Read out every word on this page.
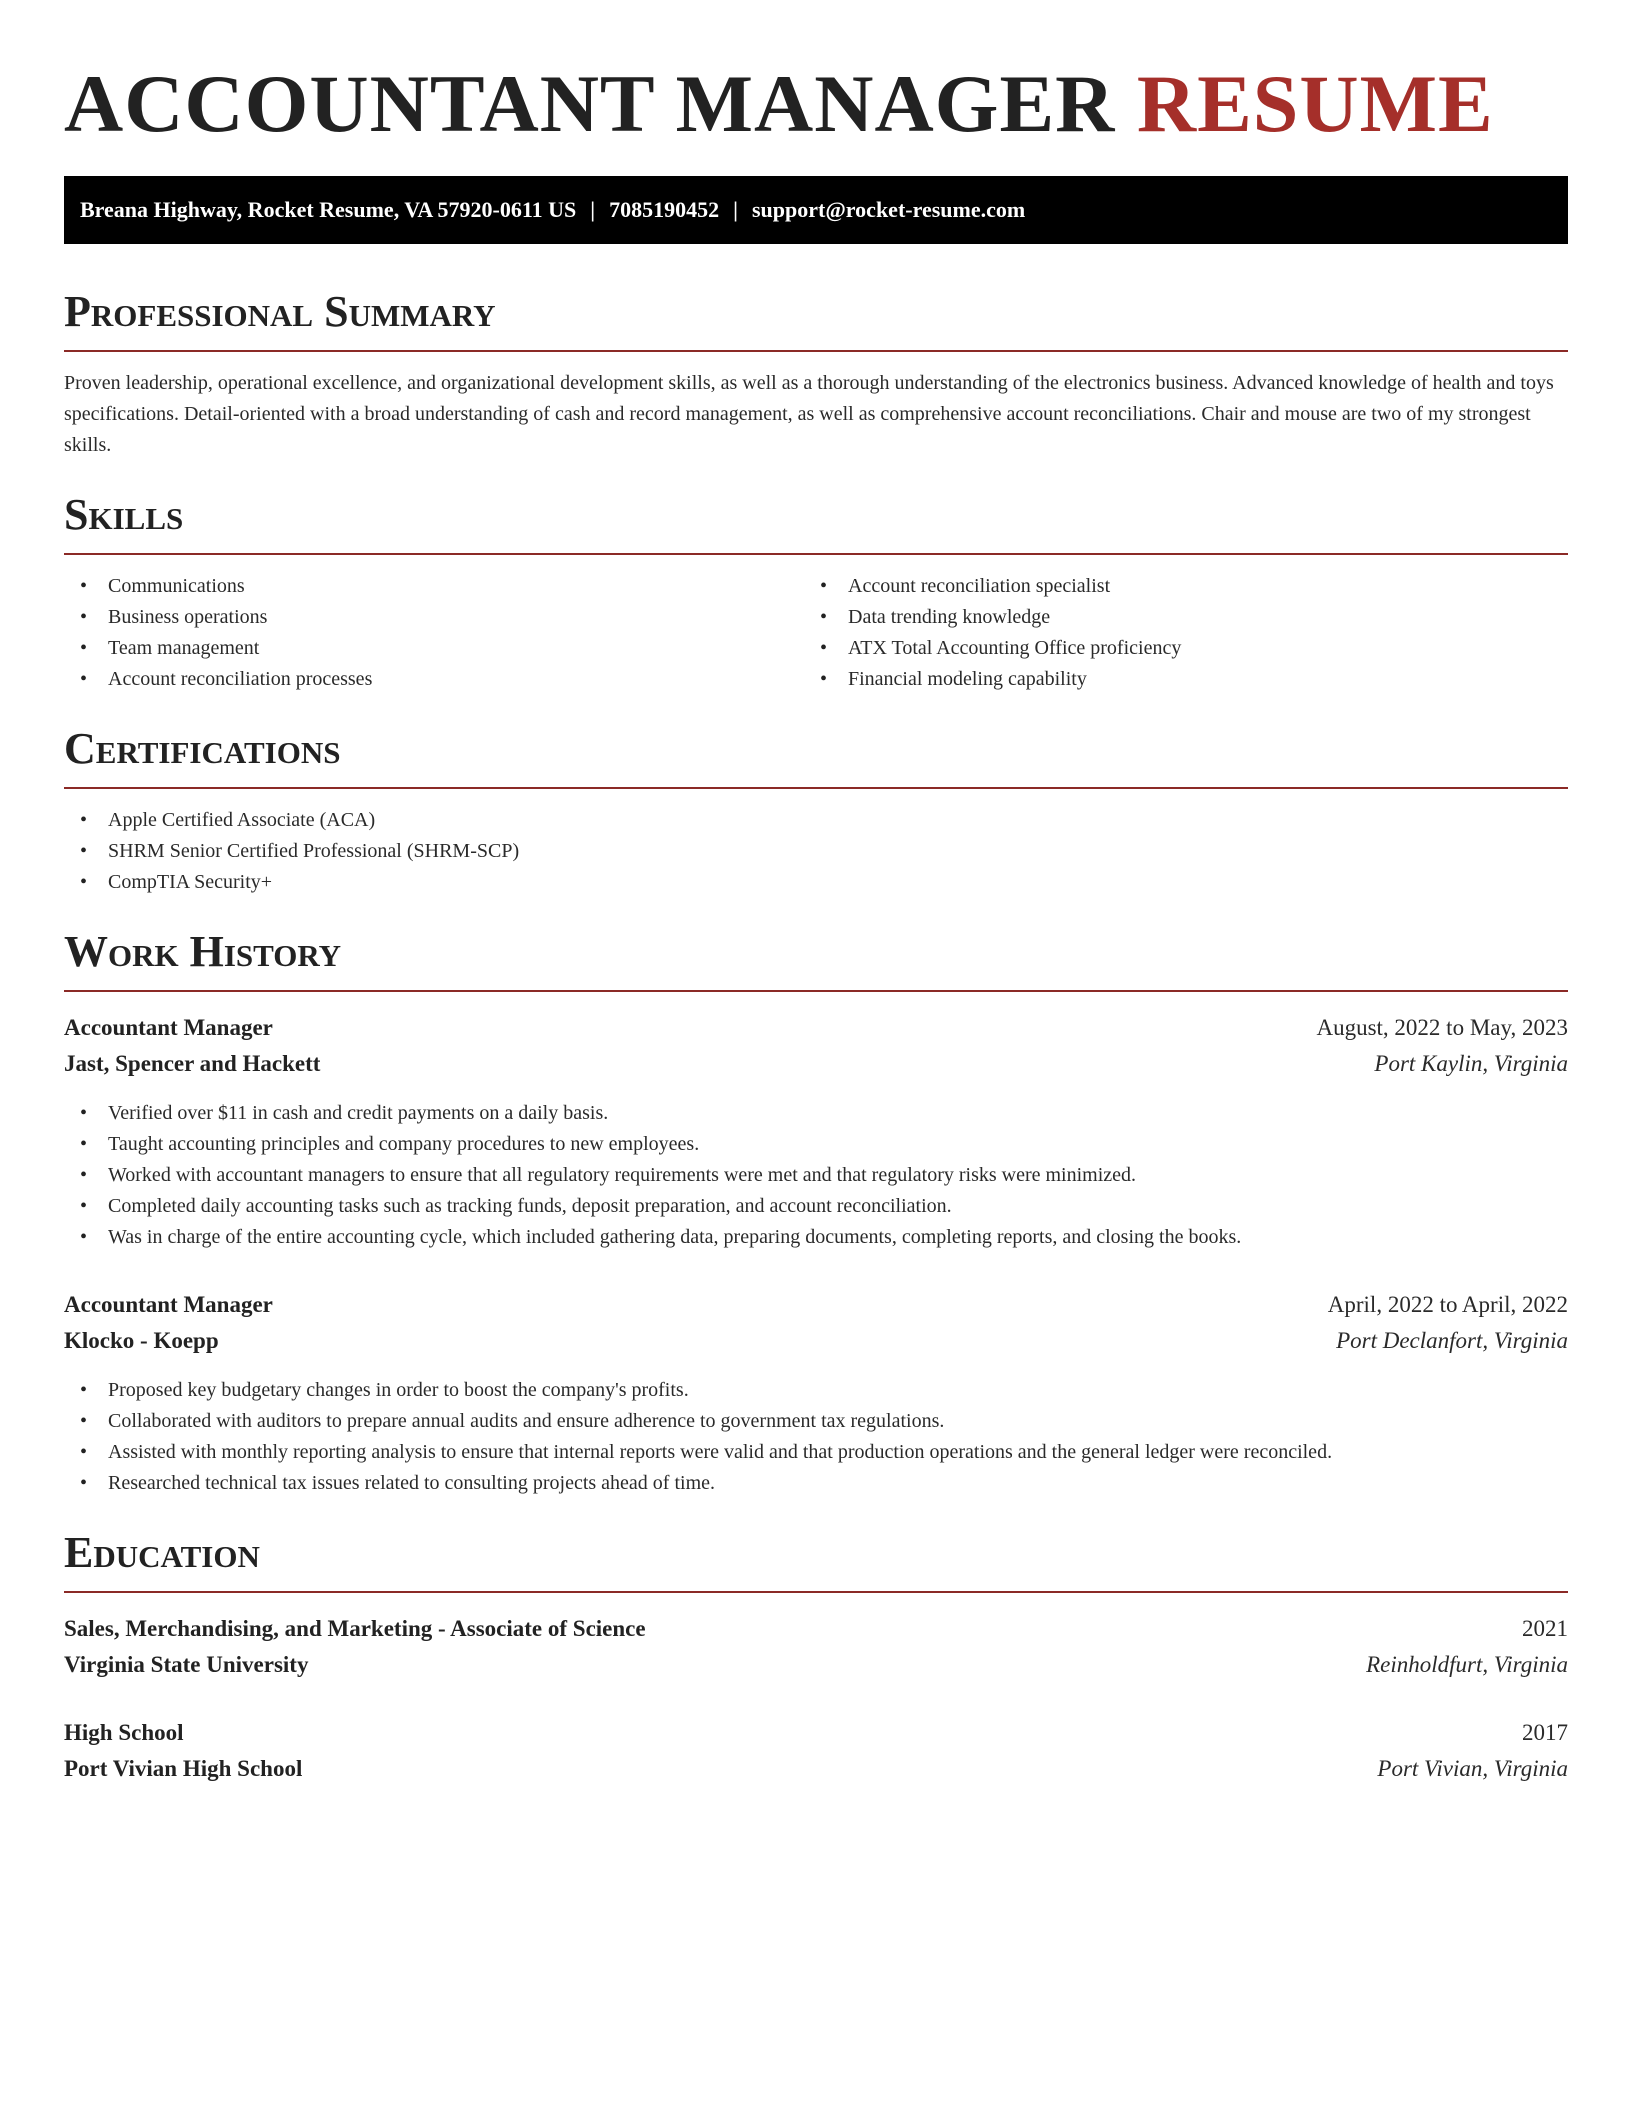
ACCOUNTANT MANAGER RESUME
Breana Highway, Rocket Resume, VA 57920-0611 US | 7085190452 | support@rocket-resume.com
Professional Summary

Proven leadership, operational excellence, and organizational development skills, as well as a thorough understanding of the electronics business. Advanced knowledge of health and toys specifications. Detail-oriented with a broad understanding of cash and record management, as well as comprehensive account reconciliations. Chair and mouse are two of my strongest skills.

Skills
• Communications
• Business operations
• Team management
• Account reconciliation processes
• Account reconciliation specialist
• Data trending knowledge
• ATX Total Accounting Office proficiency
• Financial modeling capability
Certifications
• Apple Certified Associate (ACA)
• SHRM Senior Certified Professional (SHRM-SCP)
• CompTIA Security+
Work History
Accountant Manager	August, 2022 to May, 2023
Jast, Spencer and Hackett	Port Kaylin, Virginia
• Verified over $11 in cash and credit payments on a daily basis.
• Taught accounting principles and company procedures to new employees.
• Worked with accountant managers to ensure that all regulatory requirements were met and that regulatory risks were minimized.
• Completed daily accounting tasks such as tracking funds, deposit preparation, and account reconciliation.
• Was in charge of the entire accounting cycle, which included gathering data, preparing documents, completing reports, and closing the books.
Accountant Manager	April, 2022 to April, 2022
Klocko - Koepp	Port Declanfort, Virginia
• Proposed key budgetary changes in order to boost the company's profits.
• Collaborated with auditors to prepare annual audits and ensure adherence to government tax regulations.
• Assisted with monthly reporting analysis to ensure that internal reports were valid and that production operations and the general ledger were reconciled.
• Researched technical tax issues related to consulting projects ahead of time.
Education
Sales, Merchandising, and Marketing - Associate of Science	2021
Virginia State University	Reinholdfurt, Virginia
High School	2017
Port Vivian High School	Port Vivian, Virginia
